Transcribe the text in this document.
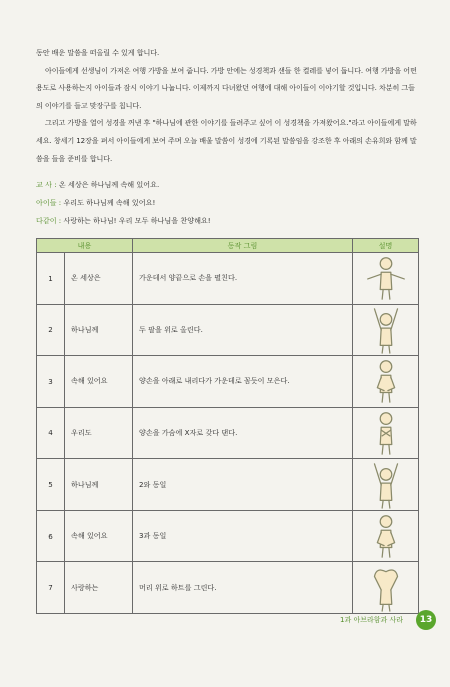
동안 배운 말씀을 떠올릴 수 있게 합니다.

아이들에게 선생님이 가져온 여행 가방을 보여 줍니다. 가방 안에는 성경책과 샌들 한 켤레를 넣어 둡니다. 여행 가방을 어떤 용도로 사용하는지 아이들과 잠시 이야기 나눕니다. 이제까지 다녀왔던 여행에 대해 아이들이 이야기할 것입니다. 차분히 그들의 이야기를 들고 맞장구를 칩니다.

그리고 가방을 열어 성경을 꺼낸 후 "하나님에 관한 이야기를 들려주고 싶어 이 성경책을 가져왔어요."라고 아이들에게 말하세요. 창세기 12장을 펴서 아이들에게 보여 주며 오늘 배울 말씀이 성경에 기록된 말씀임을 강조한 후 아래의 손유희와 함께 말씀을 들을 준비를 합니다.

교 사 : 온 세상은 하나님께 속해 있어요.
아이들 : 우리도 하나님께 속해 있어요!
다같이 : 사랑하는 하나님! 우리 모두 하나님을 찬양해요!
내용		동작 그림	설명
1	온 세상은	가운데서 양끝으로 손을 펼친다.	

2	하나님께	두 팔을 위로 올린다.	

3	속해 있어요	양손을 아래로 내리다가 가운데로 꼼듯이 모은다.	

4	우리도	양손을 가슴에 X자로 갖다 댄다.	

5	하나님께	2와 동일	

6	속해 있어요	3과 동일	

7	사랑하는	머리 위로 하트를 그린다.	
1과 아브라함과 사라 13
